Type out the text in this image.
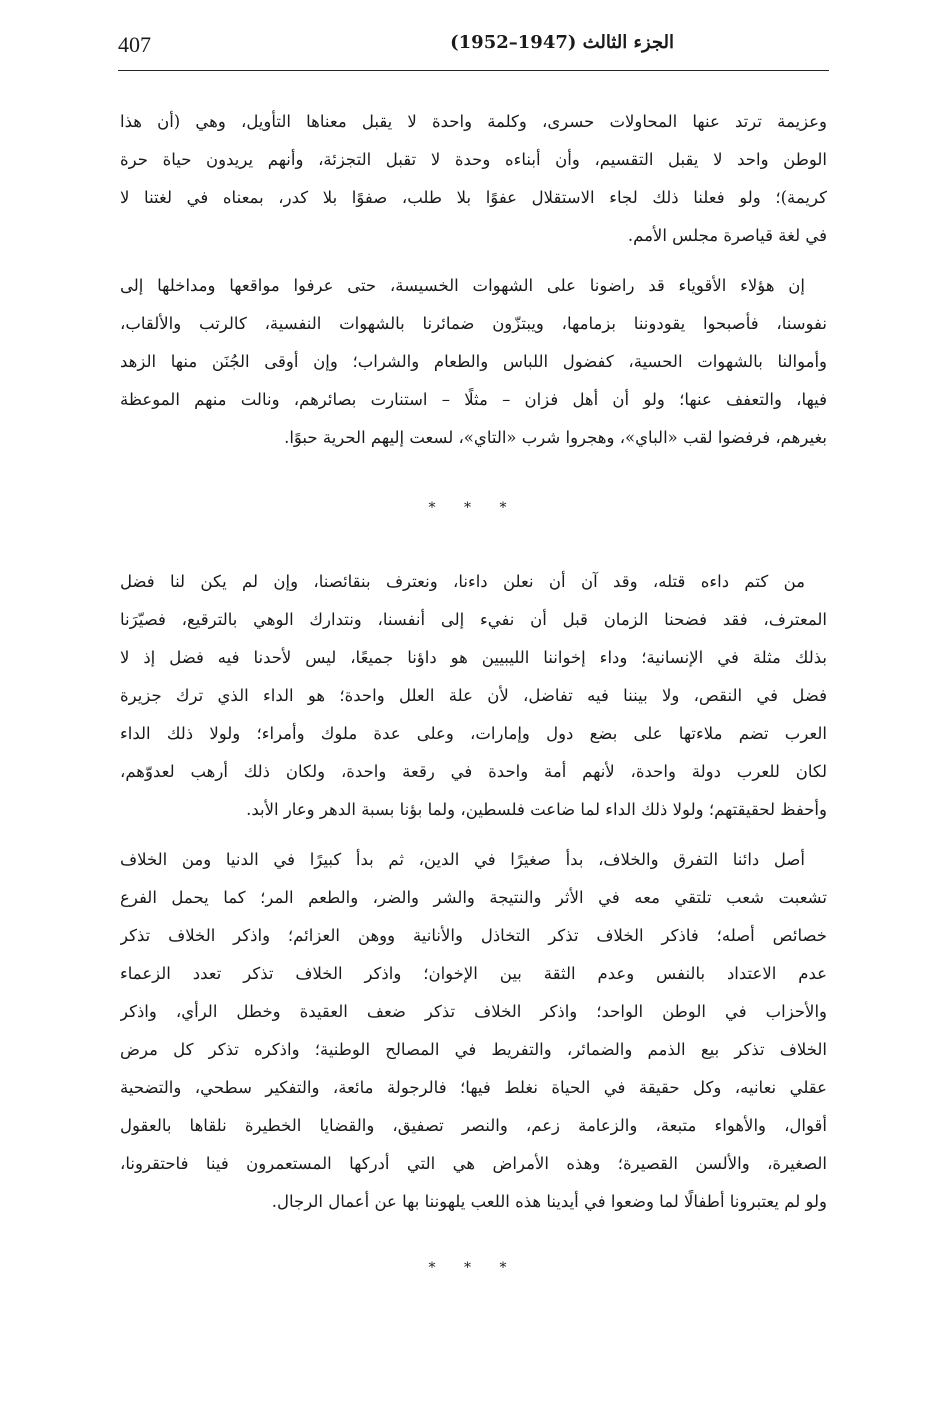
407	الجزء الثالث (1947–1952)

وعزيمة ترتد عنها المحاولات حسرى، وكلمة واحدة لا يقبل معناها التأويل، وهي (أن هذا
الوطن واحد لا يقبل التقسيم، وأن أبناءه وحدة لا تقبل التجزئة، وأنهم يريدون حياة حرة
كريمة)؛ ولو فعلنا ذلك لجاء الاستقلال عفوًا بلا طلب، صفوًا بلا كدر، بمعناه في لغتنا لا
في لغة قياصرة مجلس الأمم.

إن هؤلاء الأقوياء قد راضونا على الشهوات الخسيسة، حتى عرفوا مواقعها ومداخلها إلى
نفوسنا، فأصبحوا يقودوننا بزمامها، ويبتزّون ضمائرنا بالشهوات النفسية، كالرتب والألقاب،
وأموالنا بالشهوات الحسية، كفضول اللباس والطعام والشراب؛ وإن أوقى الجُنَن منها الزهد
فيها، والتعفف عنها؛ ولو أن أهل فزان – مثلًا – استنارت بصائرهم، ونالت منهم الموعظة
بغيرهم، فرفضوا لقب «الباي»، وهجروا شرب «التاي»، لسعت إليهم الحرية حبوًا.

* * *

من كتم داءه قتله، وقد آن أن نعلن داءنا، ونعترف بنقائصنا، وإن لم يكن لنا فضل
المعترف، فقد فضحنا الزمان قبل أن نفيء إلى أنفسنا، ونتدارك الوهي بالترقيع، فصيّرَنا
بذلك مثلة في الإنسانية؛ وداء إخواننا الليبيين هو داؤنا جميعًا، ليس لأحدنا فيه فضل إذ لا
فضل في النقص، ولا بيننا فيه تفاضل، لأن علة العلل واحدة؛ هو الداء الذي ترك جزيرة
العرب تضم ملاءتها على بضع دول وإمارات، وعلى عدة ملوك وأمراء؛ ولولا ذلك الداء
لكان للعرب دولة واحدة، لأنهم أمة واحدة في رقعة واحدة، ولكان ذلك أرهب لعدوّهم،
وأحفظ لحقيقتهم؛ ولولا ذلك الداء لما ضاعت فلسطين، ولما بؤنا بسبة الدهر وعار الأبد.

أصل دائنا التفرق والخلاف، بدأ صغيرًا في الدين، ثم بدأ كبيرًا في الدنيا ومن الخلاف
تشعبت شعب تلتقي معه في الأثر والنتيجة والشر والضر، والطعم المر؛ كما يحمل الفرع
خصائص أصله؛ فاذكر الخلاف تذكر التخاذل والأنانية ووهن العزائم؛ واذكر الخلاف تذكر
عدم الاعتداد بالنفس وعدم الثقة بين الإخوان؛ واذكر الخلاف تذكر تعدد الزعماء
والأحزاب في الوطن الواحد؛ واذكر الخلاف تذكر ضعف العقيدة وخطل الرأي، واذكر
الخلاف تذكر بيع الذمم والضمائر، والتفريط في المصالح الوطنية؛ واذكره تذكر كل مرض
عقلي نعانيه، وكل حقيقة في الحياة نغلط فيها؛ فالرجولة مائعة، والتفكير سطحي، والتضحية
أقوال، والأهواء متبعة، والزعامة زعم، والنصر تصفيق، والقضايا الخطيرة نلقاها بالعقول
الصغيرة، والألسن القصيرة؛ وهذه الأمراض هي التي أدركها المستعمرون فينا فاحتقرونا،
ولو لم يعتبرونا أطفالًا لما وضعوا في أيدينا هذه اللعب يلهوننا بها عن أعمال الرجال.

* * *
